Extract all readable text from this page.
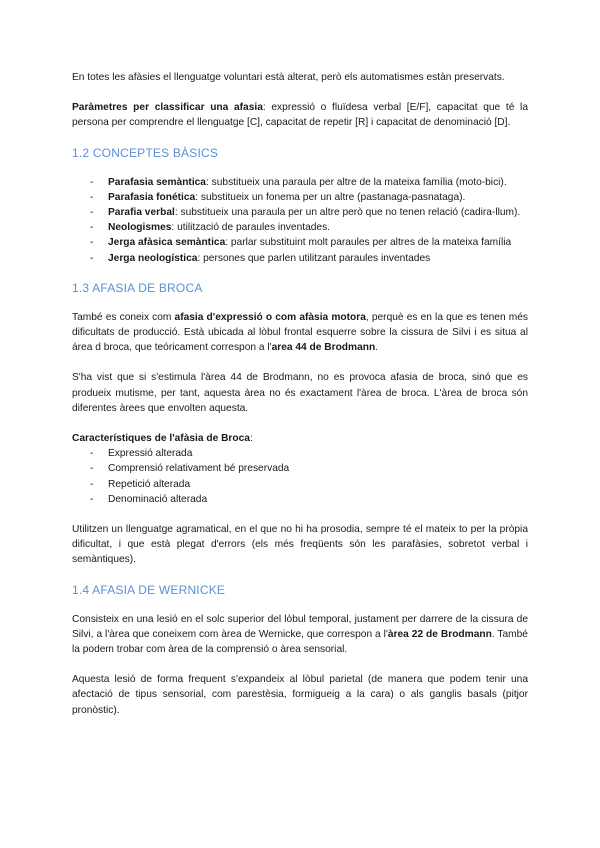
En totes les afàsies el llenguatge voluntari està alterat, però els automatismes estàn preservats.

Paràmetres per classificar una afasia: expressió o fluïdesa verbal [E/F], capacitat que té la persona per comprendre el llenguatge [C], capacitat de repetir [R] i capacitat de denominació [D].

1.2 CONCEPTES BÀSICS
- Parafasia semàntica: substitueix una paraula per altre de la mateixa família (moto-bici).
- Parafasia fonética: substitueix un fonema per un altre (pastanaga-pasnataga).
- Parafia verbal: substitueix una paraula per un altre però que no tenen relació (cadira-llum).
- Neologismes: utilització de paraules inventades.
- Jerga afàsica semàntica: parlar substituint molt paraules per altres de la mateixa família
- Jerga neologística: persones que parlen utilitzant paraules inventades
1.3 AFASIA DE BROCA

També es coneix com afasia d'expressió o com afàsia motora, perquè es en la que es tenen més dificultats de producció. Està ubicada al lòbul frontal esquerre sobre la cissura de Silvi i es situa al área d broca, que teóricament correspon a l'area 44 de Brodmann.

S'ha vist que si s'estimula l'àrea 44 de Brodmann, no es provoca afasia de broca, sinó que es produeix mutisme, per tant, aquesta àrea no és exactament l'àrea de broca. L'àrea de broca són diferentes àrees que envolten aquesta.

Característiques de l'afàsia de Broca:

- Expressió alterada
- Comprensió relativament bé preservada
- Repetició alterada
- Denominació alterada

Utilitzen un llenguatge agramatical, en el que no hi ha prosodia, sempre té el mateix to per la pròpia dificultat, i que està plegat d'errors (els més freqüents són les parafàsies, sobretot verbal i semàntiques).

1.4 AFASIA DE WERNICKE

Consisteix en una lesió en el solc superior del lòbul temporal, justament per darrere de la cissura de Silvi, a l'àrea que coneixem com àrea de Wernicke, que correspon a l'àrea 22 de Brodmann. També la podem trobar com àrea de la comprensió o àrea sensorial.

Aquesta lesió de forma frequent s'expandeix al lòbul parietal (de manera que podem tenir una afectació de tipus sensorial, com parestèsia, formigueig a la cara) o als ganglis basals (pitjor pronòstic).
